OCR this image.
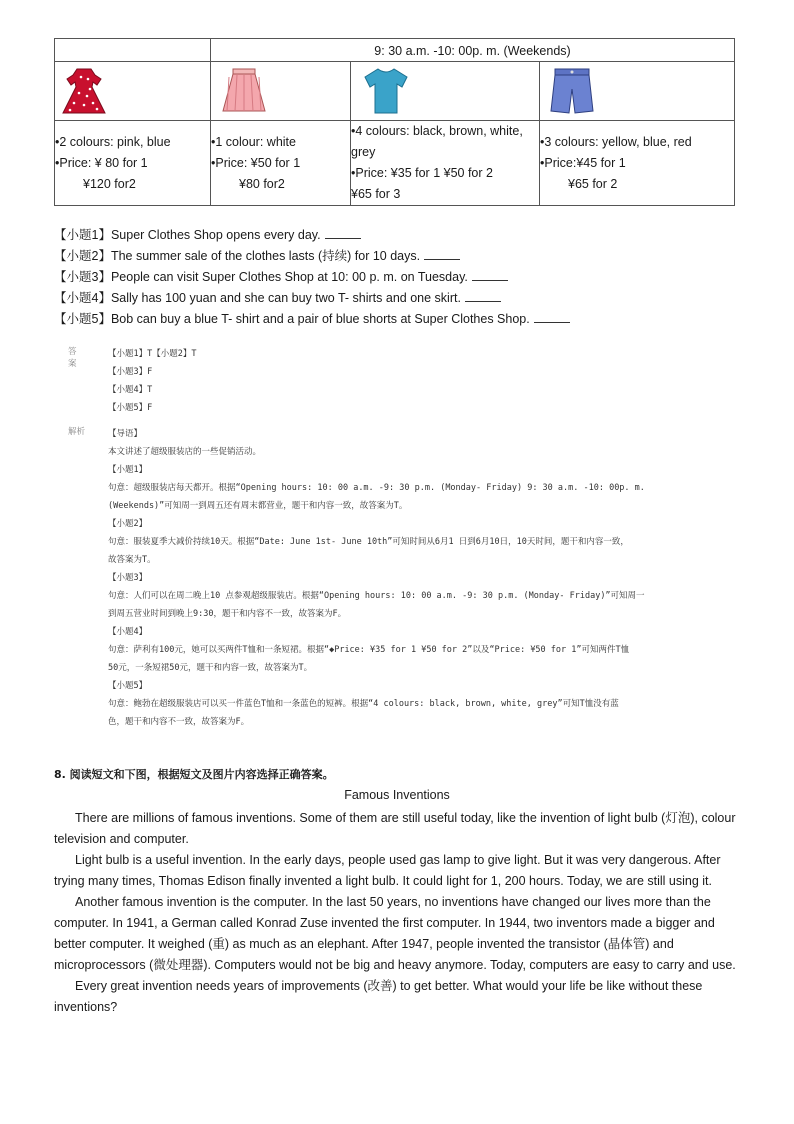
	9: 30 a.m. -10: 00p. m. (Weekends)		

•2 colours: pink, blue
•Price: ¥ 80 for 1
¥120 for2	•1 colour: white
•Price: ¥50 for 1
¥80 for2	•4 colours: black, brown, white,
grey
•Price: ¥35 for 1 ¥50 for 2
¥65 for 3	•3 colours: yellow, blue, red
•Price:¥45 for 1
¥65 for 2
【小题1】Super Clothes Shop opens every day.
【小题2】The summer sale of the clothes lasts (持续) for 10 days.
【小题3】People can visit Super Clothes Shop at 10: 00 p. m. on Tuesday.
【小题4】Sally has 100 yuan and she can buy two T- shirts and one skirt.
【小题5】Bob can buy a blue T- shirt and a pair of blue shorts at Super Clothes Shop.
答案
【小题1】T【小题2】T
【小题3】F
【小题4】T
【小题5】F
解析	【导语】
本文讲述了超级服装店的一些促销活动。
【小题1】
句意：超级服装店每天都开。根据“Opening hours: 10: 00 a.m. -9: 30 p.m. (Monday- Friday) 9: 30 a.m. -10: 00p. m.
(Weekends)”可知周一到周五还有周末都营业，题干和内容一致，故答案为T。
【小题2】
句意：服装夏季大减价持续10天。根据“Date: June 1st- June 10th”可知时间从6月1 日到6月10日，10天时间，题干和内容一致，
故答案为T。
【小题3】
句意：人们可以在周二晚上10 点参观超级服装店。根据“Opening hours: 10: 00 a.m. -9: 30 p.m. (Monday- Friday)”可知周一
到周五营业时间到晚上9:30，题干和内容不一致，故答案为F。
【小题4】
句意：萨利有100元，她可以买两件T恤和一条短裙。根据“◆Price: ¥35 for 1 ¥50 for 2”以及“Price: ¥50 for 1”可知两件T恤
50元，一条短裙50元，题干和内容一致，故答案为T。
【小题5】
句意：鲍勃在超级服装店可以买一件蓝色T恤和一条蓝色的短裤。根据“4 colours: black, brown, white, grey”可知T恤没有蓝
色，题干和内容不一致，故答案为F。
8. 阅读短文和下图，根据短文及图片内容选择正确答案。
Famous Inventions

There are millions of famous inventions. Some of them are still useful today, like the invention of light bulb (灯泡), colour television and computer.

Light bulb is a useful invention. In the early days, people used gas lamp to give light. But it was very dangerous. After trying many times, Thomas Edison finally invented a light bulb. It could light for 1, 200 hours. Today, we are still using it.

Another famous invention is the computer. In the last 50 years, no inventions have changed our lives more than the computer. In 1941, a German called Konrad Zuse invented the first computer. In 1944, two inventors made a bigger and better computer. It weighed (重) as much as an elephant. After 1947, people invented the transistor (晶体管) and microprocessors (微处理器). Computers would not be big and heavy anymore. Today, computers are easy to carry and use.

Every great invention needs years of improvements (改善) to get better. What would your life be like without these inventions?
